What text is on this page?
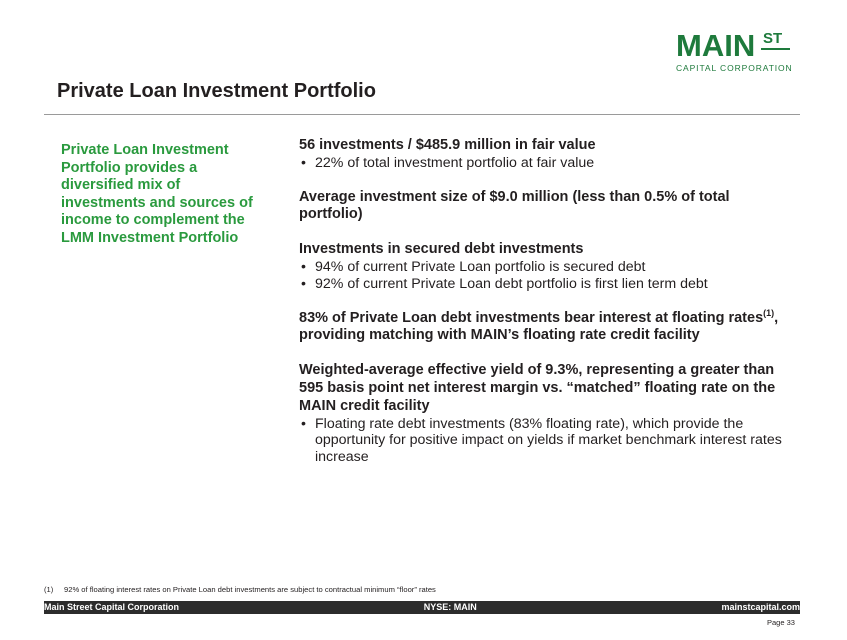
MAIN ST
CAPITAL CORPORATION
Private Loan Investment Portfolio
Private Loan Investment Portfolio provides a diversified mix of investments and sources of income to complement the LMM Investment Portfolio
56 investments / $485.9 million in fair value
• 22% of total investment portfolio at fair value
Average investment size of $9.0 million (less than 0.5% of total portfolio)
Investments in secured debt investments
• 94% of current Private Loan portfolio is secured debt
• 92% of current Private Loan debt portfolio is first lien term debt
83% of Private Loan debt investments bear interest at floating rates$^{(1)}$, providing matching with MAIN’s floating rate credit facility
Weighted-average effective yield of 9.3%, representing a greater than 595 basis point net interest margin vs. “matched” floating rate on the MAIN credit facility
• Floating rate debt investments (83% floating rate), which provide the opportunity for positive impact on yields if market benchmark interest rates increase
(1) 92% of floating interest rates on Private Loan debt investments are subject to contractual minimum “floor” rates
Main Street Capital Corporation	NYSE: MAIN	mainstcapital.com
Page 33
